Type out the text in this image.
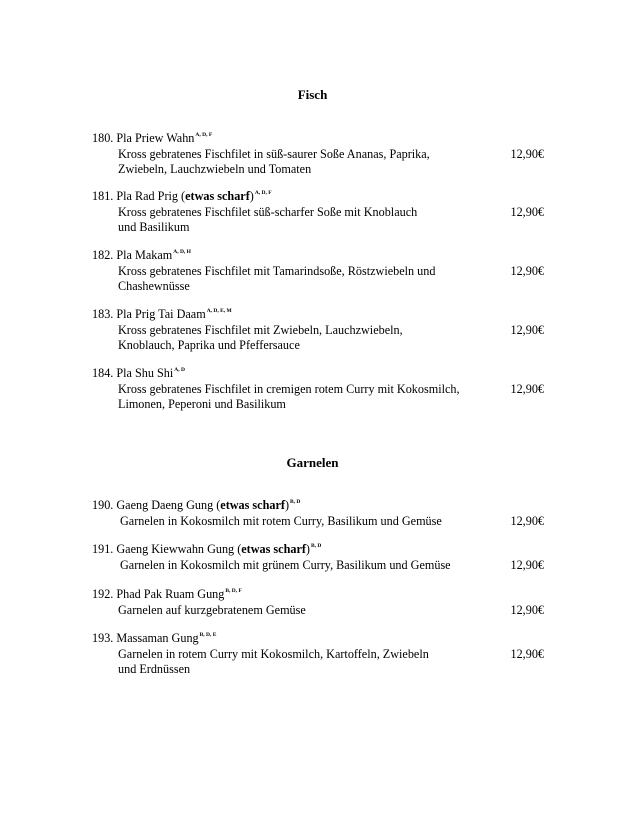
Fisch
180. Pla Priew Wahn$^{A, D, F}$
Kross gebratenes Fischfilet in süß-saurer Soße Ananas, Paprika,
Zwiebeln, Lauchzwiebeln und Tomaten
12,90€
181. Pla Rad Prig (etwas scharf)$^{A, D, F}$
Kross gebratenes Fischfilet süß-scharfer Soße mit Knoblauch
und Basilikum
12,90€
182. Pla Makam$^{A, D, H}$
Kross gebratenes Fischfilet mit Tamarindsoße, Röstzwiebeln und
Chashewnüsse
12,90€
183. Pla Prig Tai Daam$^{A, D, E, M}$
Kross gebratenes Fischfilet mit Zwiebeln, Lauchzwiebeln,
Knoblauch, Paprika und Pfeffersauce
12,90€
184. Pla Shu Shi$^{A, D}$
Kross gebratenes Fischfilet in cremigen rotem Curry mit Kokosmilch,
Limonen, Peperoni und Basilikum
12,90€
Garnelen
190. Gaeng Daeng Gung (etwas scharf)$^{B, D}$
Garnelen in Kokosmilch mit rotem Curry, Basilikum und Gemüse	12,90€
191. Gaeng Kiewwahn Gung (etwas scharf)$^{B, D}$
Garnelen in Kokosmilch mit grünem Curry, Basilikum und Gemüse	12,90€
192. Phad Pak Ruam Gung$^{B, D, F}$
Garnelen auf kurzgebratenem Gemüse	12,90€
193. Massaman Gung$^{B, D, E}$
Garnelen in rotem Curry mit Kokosmilch, Kartoffeln, Zwiebeln
und Erdnüssen
12,90€
